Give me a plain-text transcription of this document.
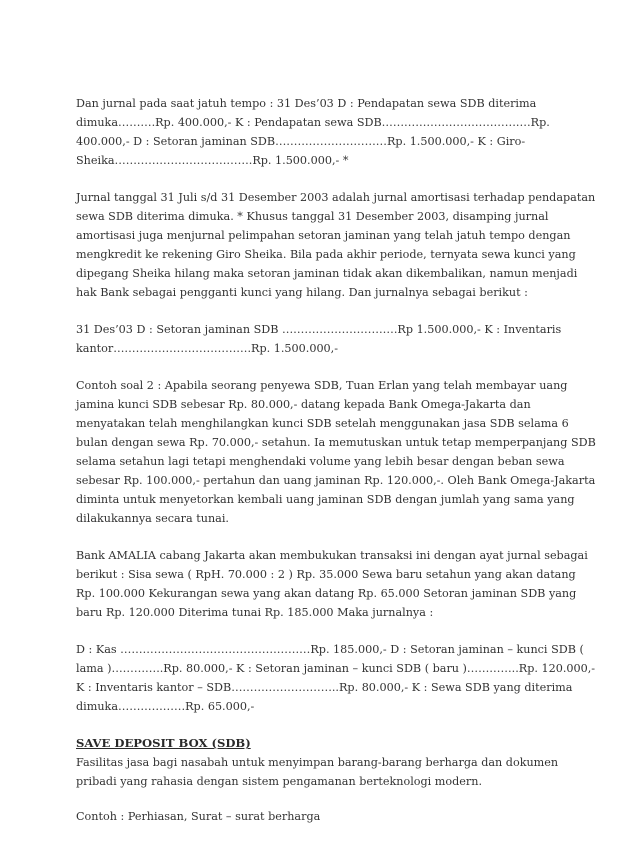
Dan jurnal pada saat jatuh tempo : 31 Des’03 D : Pendapatan sewa SDB diterima dimuka……….Rp. 400.000,- K : Pendapatan sewa SDB……………………………….…Rp. 400.000,- D : Setoran jaminan SDB…………………………Rp. 1.500.000,- K : Giro-Sheika……………………………….Rp. 1.500.000,- *

Jurnal tanggal 31 Juli s/d 31 Desember 2003 adalah jurnal amortisasi terhadap pendapatan sewa SDB diterima dimuka. * Khusus tanggal 31 Desember 2003, disamping jurnal amortisasi juga menjurnal pelimpahan setoran jaminan yang telah jatuh tempo dengan mengkredit ke rekening Giro Sheika. Bila pada akhir periode, ternyata sewa kunci yang dipegang Sheika hilang maka setoran jaminan tidak akan dikembalikan, namun menjadi hak Bank sebagai pengganti kunci yang hilang. Dan jurnalnya sebagai berikut :

31 Des’03 D : Setoran jaminan SDB ………………………….Rp 1.500.000,- K : Inventaris kantor……………………………….Rp. 1.500.000,-

Contoh soal 2 : Apabila seorang penyewa SDB, Tuan Erlan yang telah membayar uang jamina kunci SDB sebesar Rp. 80.000,- datang kepada Bank Omega-Jakarta dan menyatakan telah menghilangkan kunci SDB setelah menggunakan jasa SDB selama 6 bulan dengan sewa Rp. 70.000,- setahun. Ia memutuskan untuk tetap memperpanjang SDB selama setahun lagi tetapi menghendaki volume yang lebih besar dengan beban sewa sebesar Rp. 100.000,- pertahun dan uang jaminan Rp. 120.000,-. Oleh Bank Omega-Jakarta diminta untuk menyetorkan kembali uang jaminan SDB dengan jumlah yang sama yang dilakukannya secara tunai.

Bank AMALIA cabang Jakarta akan membukukan transaksi ini dengan ayat jurnal sebagai berikut : Sisa sewa ( RpH. 70.000 : 2 ) Rp. 35.000 Sewa baru setahun yang akan datang Rp. 100.000 Kekurangan sewa yang akan datang Rp. 65.000 Setoran jaminan SDB yang baru Rp. 120.000 Diterima tunai Rp. 185.000 Maka jurnalnya :

D : Kas ……………………………………………Rp. 185.000,- D : Setoran jaminan – kunci SDB ( lama )…………..Rp. 80.000,- K : Setoran jaminan – kunci SDB ( baru )…………..Rp. 120.000,- K : Inventaris kantor – SDB………………………..Rp. 80.000,- K : Sewa SDB yang diterima dimuka………………Rp. 65.000,-

SAVE DEPOSIT BOX (SDB)

Fasilitas jasa bagi nasabah untuk menyimpan barang-barang berharga dan dokumen pribadi yang rahasia dengan sistem pengamanan berteknologi modern.

Contoh : Perhiasan, Surat – surat berharga
